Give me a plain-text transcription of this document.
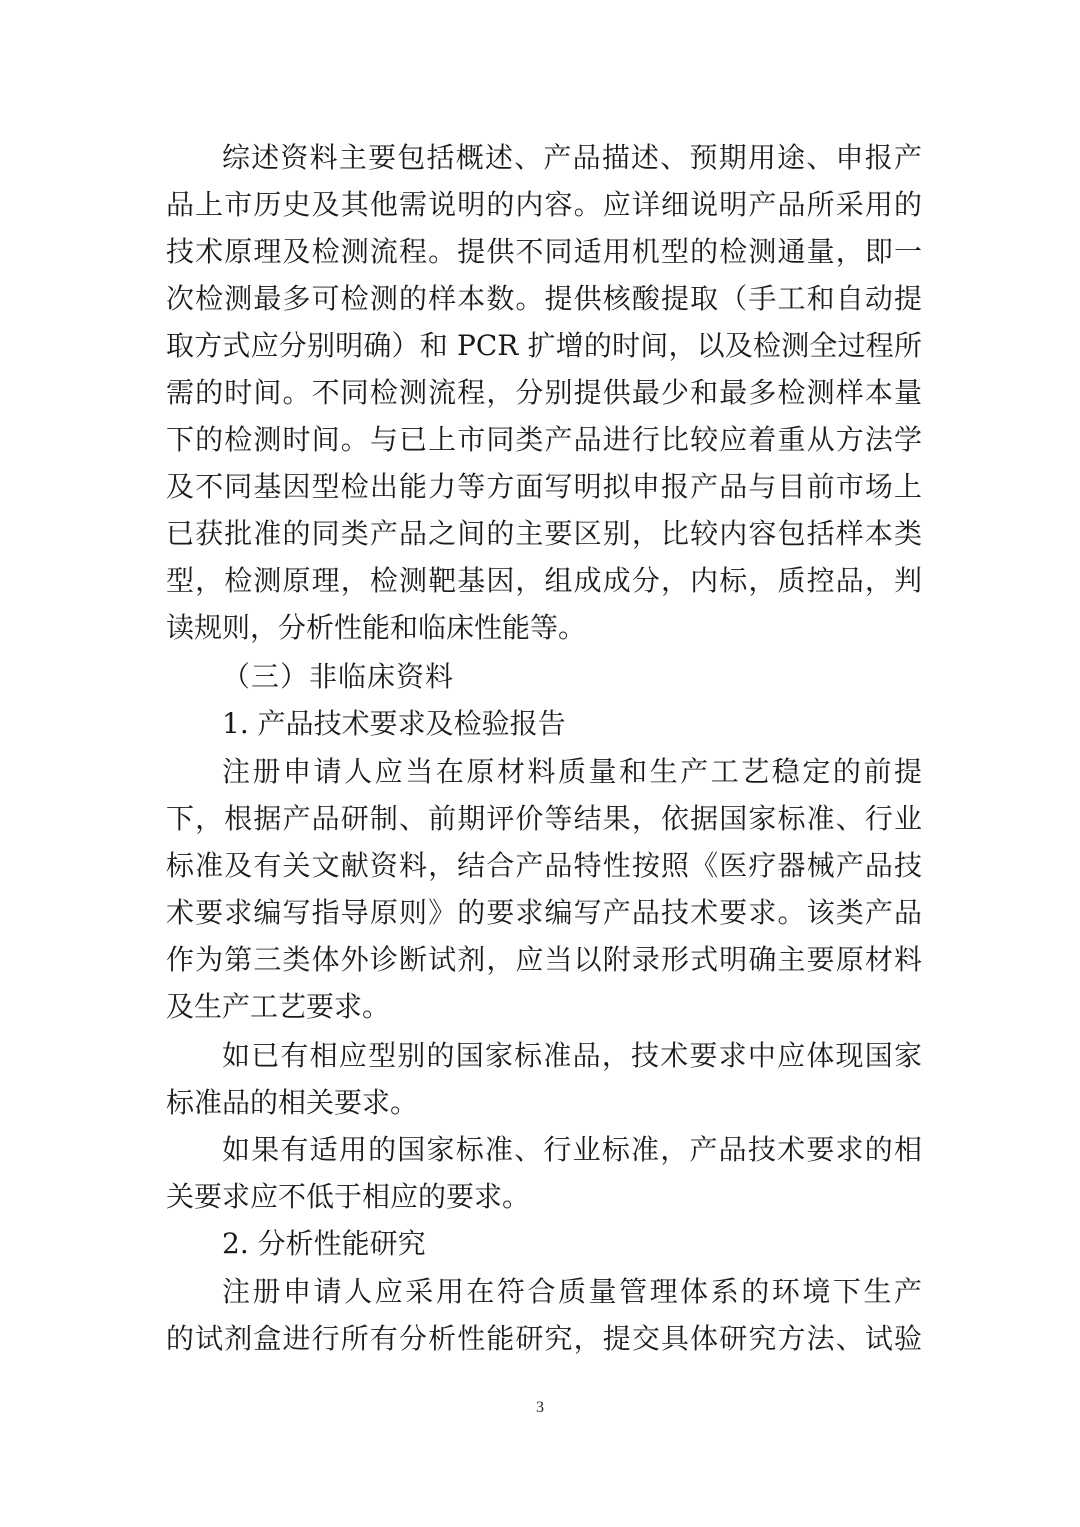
综述资料主要包括概述、产品描述、预期用途、申报产
品上市历史及其他需说明的内容。应详细说明产品所采用的
技术原理及检测流程。提供不同适用机型的检测通量，即一
次检测最多可检测的样本数。提供核酸提取（手工和自动提
取方式应分别明确）和 PCR 扩增的时间，以及检测全过程所
需的时间。不同检测流程，分别提供最少和最多检测样本量
下的检测时间。与已上市同类产品进行比较应着重从方法学
及不同基因型检出能力等方面写明拟申报产品与目前市场上
已获批准的同类产品之间的主要区别，比较内容包括样本类
型，检测原理，检测靶基因，组成成分，内标，质控品，判
读规则，分析性能和临床性能等。
（三）非临床资料
1. 产品技术要求及检验报告
注册申请人应当在原材料质量和生产工艺稳定的前提
下，根据产品研制、前期评价等结果，依据国家标准、行业
标准及有关文献资料，结合产品特性按照《医疗器械产品技
术要求编写指导原则》的要求编写产品技术要求。该类产品
作为第三类体外诊断试剂，应当以附录形式明确主要原材料
及生产工艺要求。
如已有相应型别的国家标准品，技术要求中应体现国家
标准品的相关要求。
如果有适用的国家标准、行业标准，产品技术要求的相
关要求应不低于相应的要求。
2. 分析性能研究
注册申请人应采用在符合质量管理体系的环境下生产
的试剂盒进行所有分析性能研究，提交具体研究方法、试验
3
